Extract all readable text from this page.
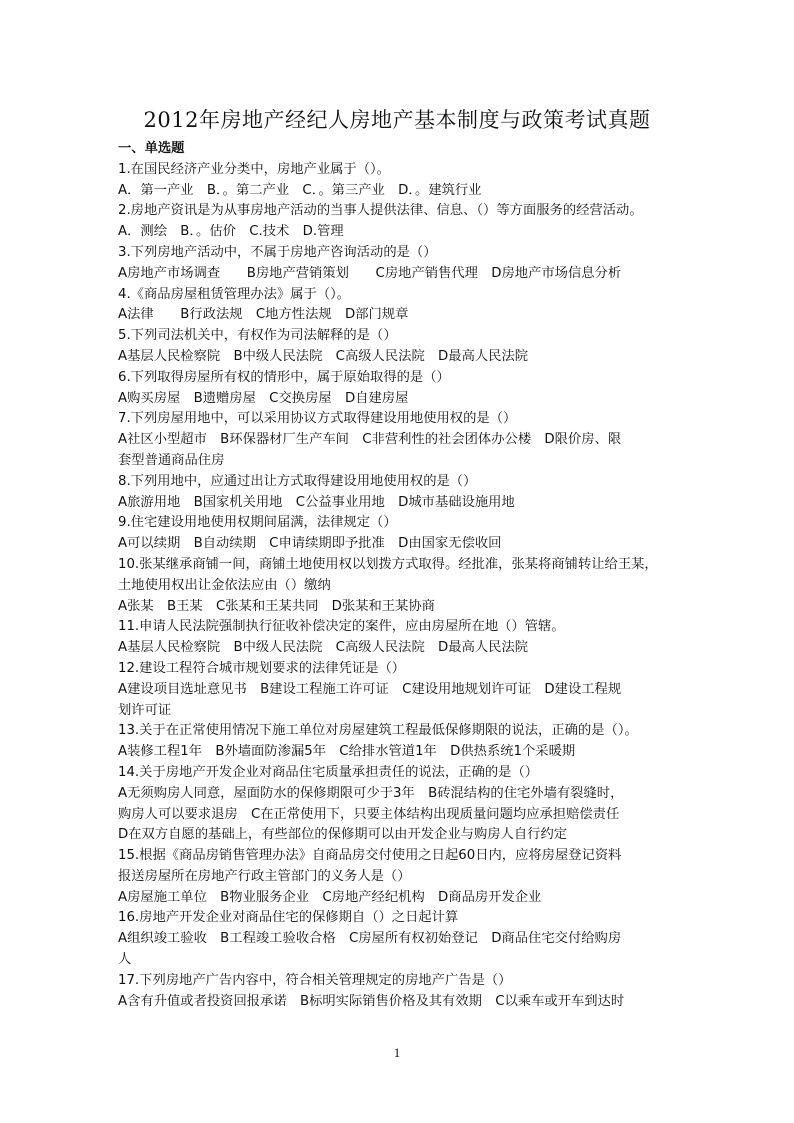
2012年房地产经纪人房地产基本制度与政策考试真题
一、单选题
1.在国民经济产业分类中，房地产业属于（）。
A．第一产业　B．。第二产业　C．。第三产业　D．。建筑行业
2.房地产资讯是为从事房地产活动的当事人提供法律、信息、（）等方面服务的经营活动。
A．测绘　B．。估价　C.技术　D.管理
3.下列房地产活动中，不属于房地产咨询活动的是（）
A房地产市场调查　　B房地产营销策划　　C房地产销售代理　D房地产市场信息分析
4.《商品房屋租赁管理办法》属于（）。
A法律　　B行政法规　C地方性法规　D部门规章
5.下列司法机关中，有权作为司法解释的是（）
A基层人民检察院　B中级人民法院　C高级人民法院　D最高人民法院
6.下列取得房屋所有权的情形中，属于原始取得的是（）
A购买房屋　B遗赠房屋　C交换房屋　D自建房屋
7.下列房屋用地中，可以采用协议方式取得建设用地使用权的是（）
A社区小型超市　B环保器材厂生产车间　C非营利性的社会团体办公楼　D限价房、限
套型普通商品住房
8.下列用地中，应通过出让方式取得建设用地使用权的是（）
A旅游用地　B国家机关用地　C公益事业用地　D城市基础设施用地
9.住宅建设用地使用权期间届满，法律规定（）
A可以续期　B自动续期　C申请续期即予批准　D由国家无偿收回
10.张某继承商铺一间，商铺土地使用权以划拨方式取得。经批准，张某将商铺转让给王某，
土地使用权出让金依法应由（）缴纳
A张某　B王某　C张某和王某共同　D张某和王某协商
11.申请人民法院强制执行征收补偿决定的案件，应由房屋所在地（）管辖。
A基层人民检察院　B中级人民法院　C高级人民法院　D最高人民法院
12.建设工程符合城市规划要求的法律凭证是（）
A建设项目选址意见书　B建设工程施工许可证　C建设用地规划许可证　D建设工程规
划许可证
13.关于在正常使用情况下施工单位对房屋建筑工程最低保修期限的说法，正确的是（）。
A装修工程1年　B外墙面防渗漏5年　C给排水管道1年　D供热系统1个采暖期
14.关于房地产开发企业对商品住宅质量承担责任的说法，正确的是（）
A无须购房人同意，屋面防水的保修期限可少于3年　B砖混结构的住宅外墙有裂缝时，
购房人可以要求退房　C在正常使用下，只要主体结构出现质量问题均应承担赔偿责任
D在双方自愿的基础上，有些部位的保修期可以由开发企业与购房人自行约定
15.根据《商品房销售管理办法》自商品房交付使用之日起60日内，应将房屋登记资料
报送房屋所在房地产行政主管部门的义务人是（）
A房屋施工单位　B物业服务企业　C房地产经纪机构　D商品房开发企业
16.房地产开发企业对商品住宅的保修期自（）之日起计算
A组织竣工验收　B工程竣工验收合格　C房屋所有权初始登记　D商品住宅交付给购房
人
17.下列房地产广告内容中，符合相关管理规定的房地产广告是（）
A含有升值或者投资回报承诺　B标明实际销售价格及其有效期　C以乘车或开车到达时
1
